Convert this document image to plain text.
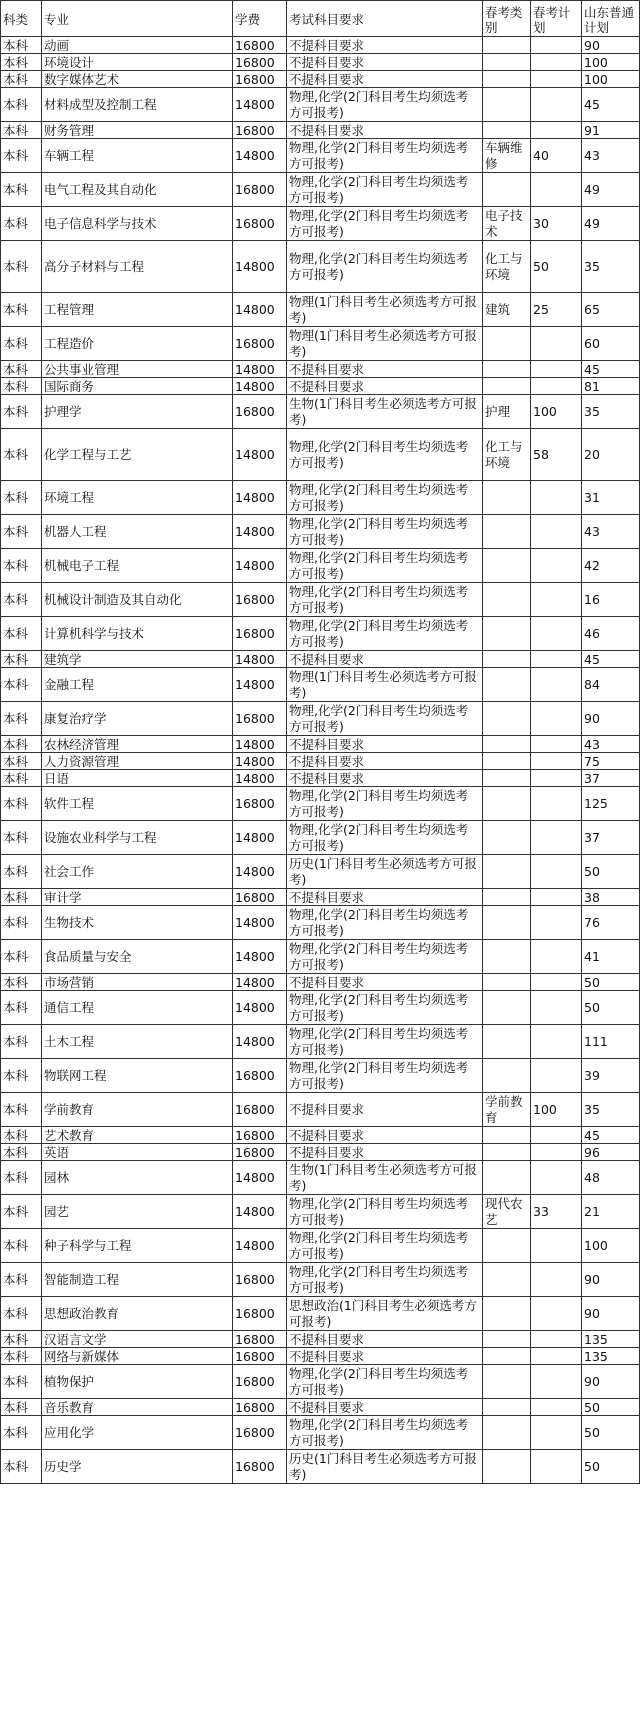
科类	专业	学费	考试科目要求	春考类别	春考计划	山东普通计划
本科	动画	16800	不提科目要求			90
本科	环境设计	16800	不提科目要求			100
本科	数字媒体艺术	16800	不提科目要求			100
本科	材料成型及控制工程	14800	物理,化学(2门科目考生均须选考方可报考)			45
本科	财务管理	16800	不提科目要求			91
本科	车辆工程	14800	物理,化学(2门科目考生均须选考方可报考)	车辆维修	40	43
本科	电气工程及其自动化	16800	物理,化学(2门科目考生均须选考方可报考)			49
本科	电子信息科学与技术	16800	物理,化学(2门科目考生均须选考方可报考)	电子技术	30	49
本科	高分子材料与工程	14800	物理,化学(2门科目考生均须选考方可报考)	化工与环境	50	35
本科	工程管理	14800	物理(1门科目考生必须选考方可报考)	建筑	25	65
本科	工程造价	16800	物理(1门科目考生必须选考方可报考)			60
本科	公共事业管理	14800	不提科目要求			45
本科	国际商务	14800	不提科目要求			81
本科	护理学	16800	生物(1门科目考生必须选考方可报考)	护理	100	35
本科	化学工程与工艺	14800	物理,化学(2门科目考生均须选考方可报考)	化工与环境	58	20
本科	环境工程	14800	物理,化学(2门科目考生均须选考方可报考)			31
本科	机器人工程	14800	物理,化学(2门科目考生均须选考方可报考)			43
本科	机械电子工程	14800	物理,化学(2门科目考生均须选考方可报考)			42
本科	机械设计制造及其自动化	16800	物理,化学(2门科目考生均须选考方可报考)			16
本科	计算机科学与技术	16800	物理,化学(2门科目考生均须选考方可报考)			46
本科	建筑学	14800	不提科目要求			45
本科	金融工程	14800	物理(1门科目考生必须选考方可报考)			84
本科	康复治疗学	16800	物理,化学(2门科目考生均须选考方可报考)			90
本科	农林经济管理	14800	不提科目要求			43
本科	人力资源管理	14800	不提科目要求			75
本科	日语	14800	不提科目要求			37
本科	软件工程	16800	物理,化学(2门科目考生均须选考方可报考)			125
本科	设施农业科学与工程	14800	物理,化学(2门科目考生均须选考方可报考)			37
本科	社会工作	14800	历史(1门科目考生必须选考方可报考)			50
本科	审计学	16800	不提科目要求			38
本科	生物技术	14800	物理,化学(2门科目考生均须选考方可报考)			76
本科	食品质量与安全	14800	物理,化学(2门科目考生均须选考方可报考)			41
本科	市场营销	14800	不提科目要求			50
本科	通信工程	14800	物理,化学(2门科目考生均须选考方可报考)			50
本科	土木工程	14800	物理,化学(2门科目考生均须选考方可报考)			111
本科	物联网工程	16800	物理,化学(2门科目考生均须选考方可报考)			39
本科	学前教育	16800	不提科目要求	学前教育	100	35
本科	艺术教育	16800	不提科目要求			45
本科	英语	16800	不提科目要求			96
本科	园林	14800	生物(1门科目考生必须选考方可报考)			48
本科	园艺	14800	物理,化学(2门科目考生均须选考方可报考)	现代农艺	33	21
本科	种子科学与工程	14800	物理,化学(2门科目考生均须选考方可报考)			100
本科	智能制造工程	16800	物理,化学(2门科目考生均须选考方可报考)			90
本科	思想政治教育	16800	思想政治(1门科目考生必须选考方可报考)			90
本科	汉语言文学	16800	不提科目要求			135
本科	网络与新媒体	16800	不提科目要求			135
本科	植物保护	16800	物理,化学(2门科目考生均须选考方可报考)			90
本科	音乐教育	16800	不提科目要求			50
本科	应用化学	16800	物理,化学(2门科目考生均须选考方可报考)			50
本科	历史学	16800	历史(1门科目考生必须选考方可报考)			50
